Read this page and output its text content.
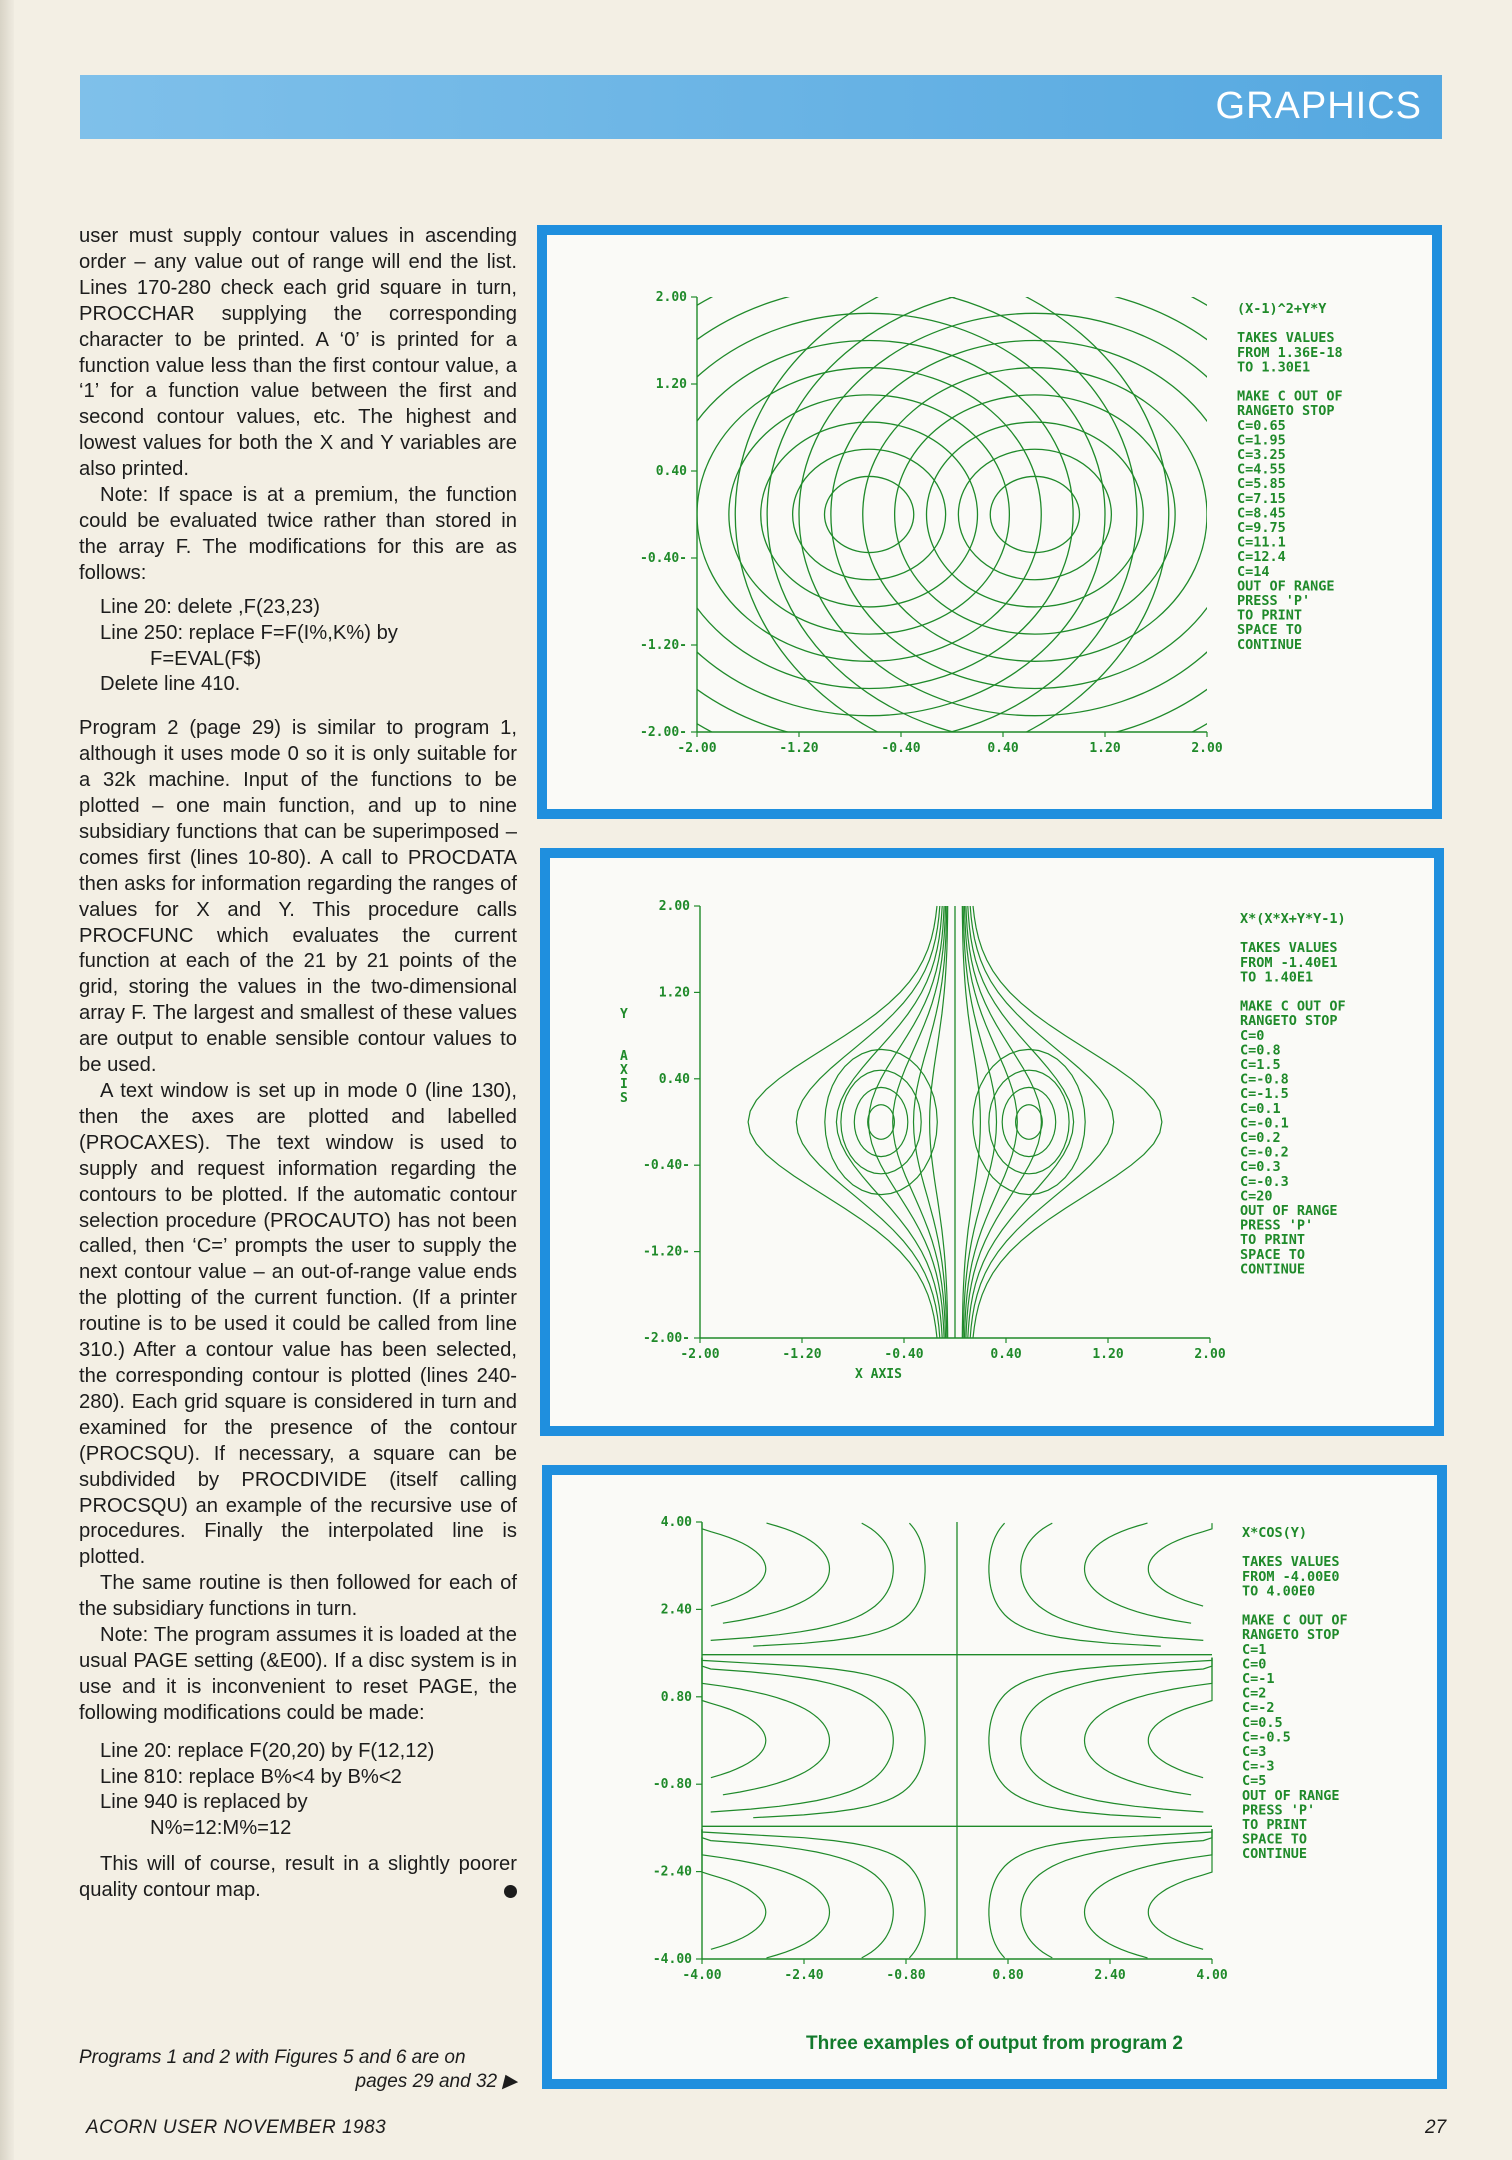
GRAPHICS

user must supply contour values in ascending order – any value out of range will end the list. Lines 170-280 check each grid square in turn, PROCCHAR supplying the corresponding character to be printed. A ‘0’ is printed for a function value less than the first contour value, a ‘1’ for a function value between the first and second contour values, etc. The highest and lowest values for both the X and Y variables are also printed.

Note: If space is at a premium, the function could be evaluated twice rather than stored in the array F. The modifications for this are as follows:

Line 20: delete ,F(23,23)
Line 250: replace F=F(I%,K%) by
F=EVAL(F$)
Delete line 410.

Program 2 (page 29) is similar to program 1, although it uses mode 0 so it is only suitable for a 32k machine. Input of the functions to be plotted – one main function, and up to nine subsidiary functions that can be superimposed – comes first (lines 10-80). A call to PROCDATA then asks for information regarding the ranges of values for X and Y. This procedure calls PROCFUNC which evaluates the current function at each of the 21 by 21 points of the grid, storing the values in the two-dimensional array F. The largest and smallest of these values are output to enable sensible contour values to be used.

A text window is set up in mode 0 (line 130), then the axes are plotted and labelled (PROCAXES). The text window is used to supply and request information regarding the contours to be plotted. If the automatic contour selection procedure (PROCAUTO) has not been called, then ‘C=’ prompts the user to supply the next contour value – an out-of-range value ends the plotting of the current function. (If a printer routine is to be used it could be called from line 310.) After a contour value has been selected, the corresponding contour is plotted (lines 240-280). Each grid square is considered in turn and examined for the presence of the contour (PROCSQU). If necessary, a square can be subdivided by PROCDIVIDE (itself calling PROCSQU) an example of the recursive use of procedures. Finally the interpolated line is plotted.

The same routine is then followed for each of the subsidiary functions in turn.

Note: The program assumes it is loaded at the usual PAGE setting (&E00). If a disc system is in use and it is inconvenient to reset PAGE, the following modifications could be made:

Line 20: replace F(20,20) by F(12,12)
Line 810: replace B%<4 by B%<2
Line 940 is replaced by
N%=12:M%=12

This will of course, result in a slightly poorer quality contour map.

Programs 1 and 2 with Figures 5 and 6 are on
pages 29 and 32 ▶
ACORN USER NOVEMBER 1983	27
2.00
1.20
0.40
-0.40-
-1.20-
-2.00-
-2.00	-1.20	-0.40	0.40	1.20	2.00
(X-1)^2+Y*Y
TAKES VALUES
FROM 1.36E-18
TO 1.30E1
MAKE C OUT OF
RANGETO STOP
C=0.65
C=1.95
C=3.25
C=4.55
C=5.85
C=7.15
C=8.45
C=9.75
C=11.1
C=12.4
C=14
OUT OF RANGE
PRESS 'P'
TO PRINT
SPACE TO
CONTINUE
2.00
1.20
0.40
-0.40-
-1.20-
-2.00-
-2.00	-1.20	-0.40	0.40	1.20	2.00
Y
A
X
I
S
X AXIS
X*(X*X+Y*Y-1)
TAKES VALUES
FROM -1.40E1
TO 1.40E1
MAKE C OUT OF
RANGETO STOP
C=0
C=0.8
C=1.5
C=-0.8
C=-1.5
C=0.1
C=-0.1
C=0.2
C=-0.2
C=0.3
C=-0.3
C=20
OUT OF RANGE
PRESS 'P'
TO PRINT
SPACE TO
CONTINUE
4.00
2.40
0.80
-0.80
-2.40
-4.00
-4.00	-2.40	-0.80	0.80	2.40	4.00
X*COS(Y)
TAKES VALUES
FROM -4.00E0
TO 4.00E0
MAKE C OUT OF
RANGETO STOP
C=1
C=0
C=-1
C=2
C=-2
C=0.5
C=-0.5
C=3
C=-3
C=5
OUT OF RANGE
PRESS 'P'
TO PRINT
SPACE TO
CONTINUE
Three examples of output from program 2
